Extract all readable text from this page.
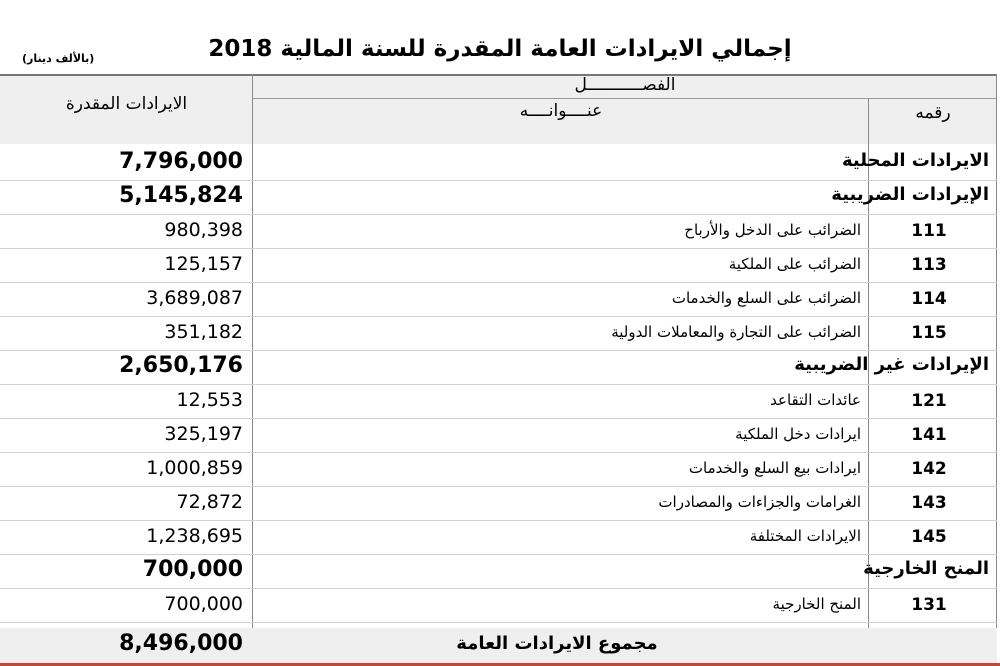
إجمالي الايرادات العامة المقدرة للسنة المالية 2018
(بالألف دينار)
الايرادات المقدرة
الفصـــــــــــل
عنــــوانــــه	رقمه
7,796,000	الايرادات المحلية
5,145,824	الإيرادات الضريبية
980,398	الضرائب على الدخل والأرباح	111
125,157	الضرائب على الملكية	113
3,689,087	الضرائب على السلع والخدمات	114
351,182	الضرائب على التجارة والمعاملات الدولية	115
2,650,176	الإيرادات غير الضريبية
12,553	عائدات التقاعد	121
325,197	ايرادات دخل الملكية	141
1,000,859	ايرادات بيع السلع والخدمات	142
72,872	الغرامات والجزاءات والمصادرات	143
1,238,695	الايرادات المختلفة	145
700,000	المنح الخارجية
700,000	المنح الخارجية	131
8,496,000	مجموع الايرادات العامة
